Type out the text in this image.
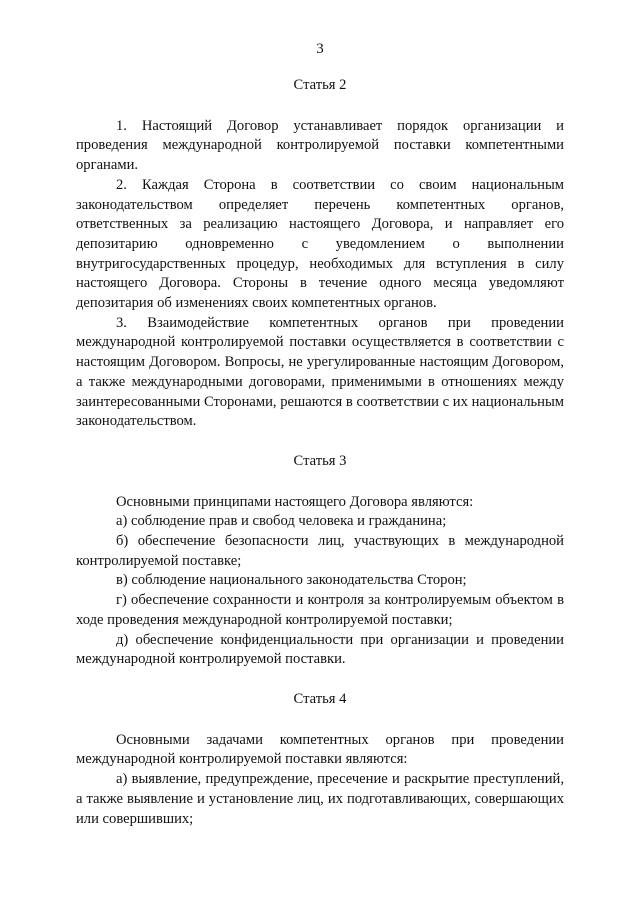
3
Статья 2

1. Настоящий Договор устанавливает порядок организации и проведения международной контролируемой поставки компетентными органами.

2. Каждая Сторона в соответствии со своим национальным законодательством определяет перечень компетентных органов, ответственных за реализацию настоящего Договора, и направляет его депозитарию одновременно с уведомлением о выполнении внутригосударственных процедур, необходимых для вступления в силу настоящего Договора. Стороны в течение одного месяца уведомляют депозитария об изменениях своих компетентных органов.

3. Взаимодействие компетентных органов при проведении международной контролируемой поставки осуществляется в соответствии с настоящим Договором. Вопросы, не урегулированные настоящим Договором, а также международными договорами, применимыми в отношениях между заинтересованными Сторонами, решаются в соответствии с их национальным законодательством.

Статья 3

Основными принципами настоящего Договора являются:

а) соблюдение прав и свобод человека и гражданина;

б) обеспечение безопасности лиц, участвующих в международной контролируемой поставке;

в) соблюдение национального законодательства Сторон;

г) обеспечение сохранности и контроля за контролируемым объектом в ходе проведения международной контролируемой поставки;

д) обеспечение конфиденциальности при организации и проведении международной контролируемой поставки.

Статья 4

Основными задачами компетентных органов при проведении международной контролируемой поставки являются:

а) выявление, предупреждение, пресечение и раскрытие преступлений, а также выявление и установление лиц, их подготавливающих, совершающих или совершивших;
